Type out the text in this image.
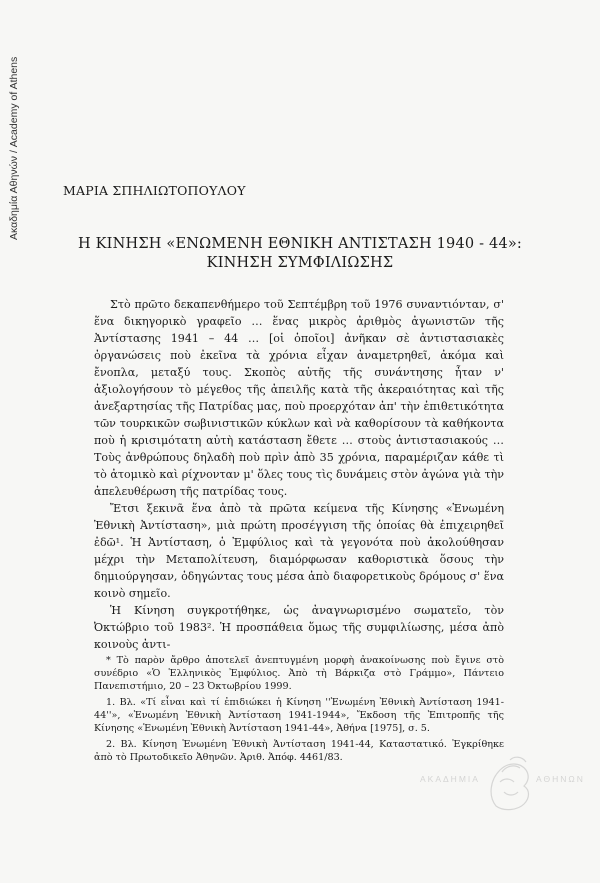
Ακαδημία Αθηνών / Academy of Athens	ΜΑΡΙΑ ΣΠΗΛΙΩΤΟΠΟΥΛΟΥ
Η ΚΙΝΗΣΗ «ΕΝΩΜΕΝΗ ΕΘΝΙΚΗ ΑΝΤΙΣΤΑΣΗ 1940 - 44»:
ΚΙΝΗΣΗ ΣΥΜΦΙΛΙΩΣΗΣ

Στὸ πρῶτο δεκαπενθήμερο τοῦ Σεπτέμβρη τοῦ 1976 συναντιόνταν, σ' ἕνα δικηγορικὸ γραφεῖο … ἕνας μικρὸς ἀριθμὸς ἀγωνιστῶν τῆς Ἀντίστασης 1941 – 44 … [οἱ ὁποῖοι] ἀνῆκαν σὲ ἀντιστασιακὲς ὀργανώσεις ποὺ ἐκεῖνα τὰ χρόνια εἶχαν ἀναμετρηθεῖ, ἀκόμα καὶ ἔνοπλα, μεταξύ τους. Σκοπὸς αὐτῆς τῆς συνάντησης ἦταν ν' ἀξιολογήσουν τὸ μέγεθος τῆς ἀπειλῆς κατὰ τῆς ἀκεραιότητας καὶ τῆς ἀνεξαρτησίας τῆς Πατρίδας μας, ποὺ προερχόταν ἀπ' τὴν ἐπιθετικότητα τῶν τουρκικῶν σωβινιστικῶν κύκλων καὶ νὰ καθορίσουν τὰ καθήκοντα ποὺ ἡ κρισιμότατη αὐτὴ κατάσταση ἔθετε … στοὺς ἀντιστασιακούς … Τοὺς ἀνθρώπους δηλαδὴ ποὺ πρὶν ἀπὸ 35 χρόνια, παραμέριζαν κάθε τὶ τὸ ἀτομικὸ καὶ ρίχνονταν μ' ὅλες τους τὶς δυνάμεις στὸν ἀγώνα γιὰ τὴν ἀπελευθέρωση τῆς πατρίδας τους.

Ἔτσι ξεκινᾶ ἕνα ἀπὸ τὰ πρῶτα κείμενα τῆς Κίνησης «Ἑνωμένη Ἐθνικὴ Ἀντίσταση», μιὰ πρώτη προσέγγιση τῆς ὁποίας θὰ ἐπιχειρηθεῖ ἐδῶ¹. Ἡ Ἀντίσταση, ὁ Ἐμφύλιος καὶ τὰ γεγονότα ποὺ ἀκολούθησαν μέχρι τὴν Μεταπολίτευση, διαμόρφωσαν καθοριστικὰ ὅσους τὴν δημιούργησαν, ὁδηγώντας τους μέσα ἀπὸ διαφορετικοὺς δρόμους σ' ἕνα κοινὸ σημεῖο.

Ἡ Κίνηση συγκροτήθηκε, ὡς ἀναγνωρισμένο σωματεῖο, τὸν Ὀκτώβριο τοῦ 1983². Ἡ προσπάθεια ὅμως τῆς συμφιλίωσης, μέσα ἀπὸ κοινοὺς ἀντι-

* Τὸ παρὸν ἄρθρο ἀποτελεῖ ἀνεπτυγμένη μορφὴ ἀνακοίνωσης ποὺ ἔγινε στὸ συνέδριο «Ὁ Ἑλληνικὸς Ἐμφύλιος. Ἀπὸ τὴ Βάρκιζα στὸ Γράμμο», Πάντειο Πανεπιστήμιο, 20 – 23 Ὀκτωβρίου 1999.

1. Βλ. «Τί εἶναι καὶ τί ἐπιδιώκει ἡ Κίνηση ''Ἑνωμένη Ἐθνικὴ Ἀντίσταση 1941-44''», «Ἑνωμένη Ἐθνικὴ Ἀντίσταση 1941-1944», Ἔκδοση τῆς Ἐπιτροπῆς τῆς Κίνησης «Ἑνωμένη Ἐθνικὴ Ἀντίσταση 1941-44», Ἀθήνα [1975], σ. 5.

2. Βλ. Κίνηση Ἑνωμένη Ἐθνικὴ Ἀντίσταση 1941-44, Καταστατικό. Ἐγκρίθηκε ἀπὸ τὸ Πρωτοδικεῖο Ἀθηνῶν. Ἀριθ. Ἀπόφ. 4461/83.

ΑΚΑΔΗΜΙΑ	ΑΘΗΝΩΝ
